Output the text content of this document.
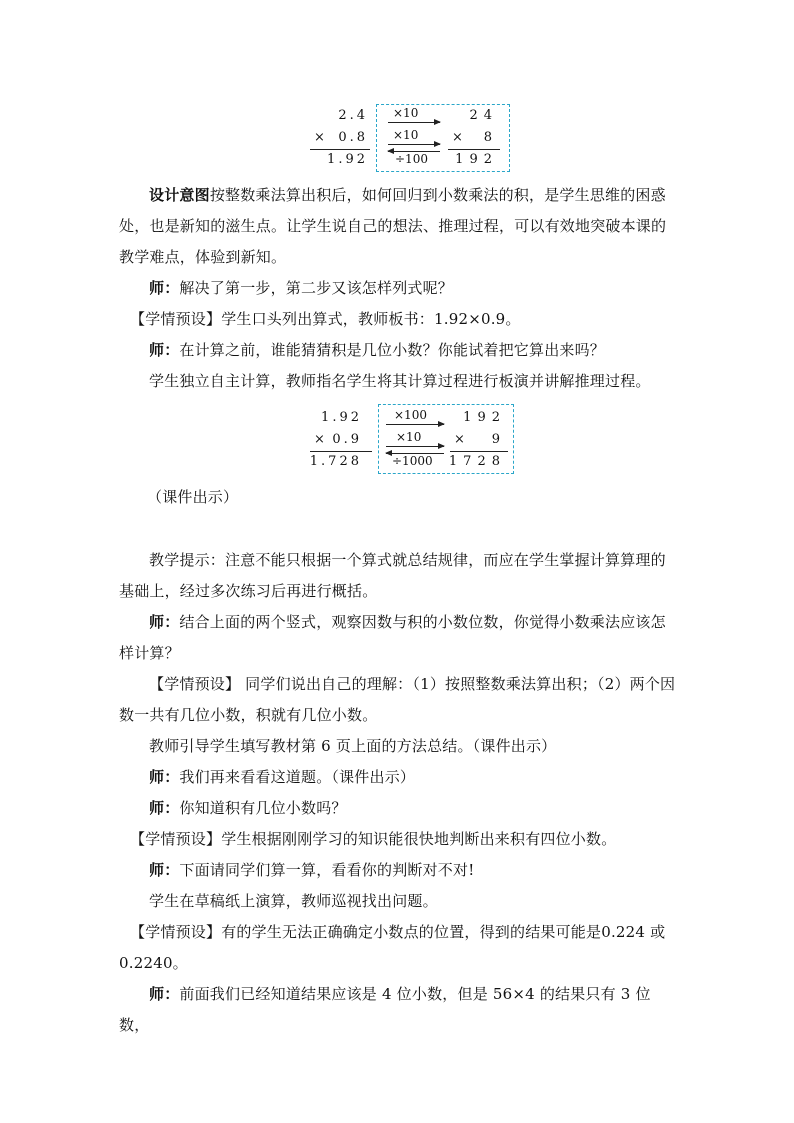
2.4
× 0.8
1.92
×10
×10
÷100
24
× 8
192
设计意图按整数乘法算出积后，如何回归到小数乘法的积，是学生思维的困惑处，也是新知的滋生点。让学生说自己的想法、推理过程，可以有效地突破本课的教学难点，体验到新知。
师：解决了第一步，第二步又该怎样列式呢？
【学情预设】学生口头列出算式，教师板书：1.92×0.9。
师：在计算之前，谁能猜猜积是几位小数？你能试着把它算出来吗？
学生独立自主计算，教师指名学生将其计算过程进行板演并讲解推理过程。
1.92
× 0.9
1.728
×100
×10
÷1000
192
× 9
1728
（课件出示）
教学提示：注意不能只根据一个算式就总结规律，而应在学生掌握计算算理的基础上，经过多次练习后再进行概括。
师：结合上面的两个竖式，观察因数与积的小数位数，你觉得小数乘法应该怎样计算？
【学情预设】 同学们说出自己的理解：（1）按照整数乘法算出积；（2）两个因数一共有几位小数，积就有几位小数。
教师引导学生填写教材第 6 页上面的方法总结。（课件出示）
师：我们再来看看这道题。（课件出示）
师：你知道积有几位小数吗？
【学情预设】学生根据刚刚学习的知识能很快地判断出来积有四位小数。
师：下面请同学们算一算，看看你的判断对不对!
学生在草稿纸上演算，教师巡视找出问题。
【学情预设】有的学生无法正确确定小数点的位置，得到的结果可能是0.224 或 0.2240。
师：前面我们已经知道结果应该是 4 位小数，但是 56×4 的结果只有 3 位数，
